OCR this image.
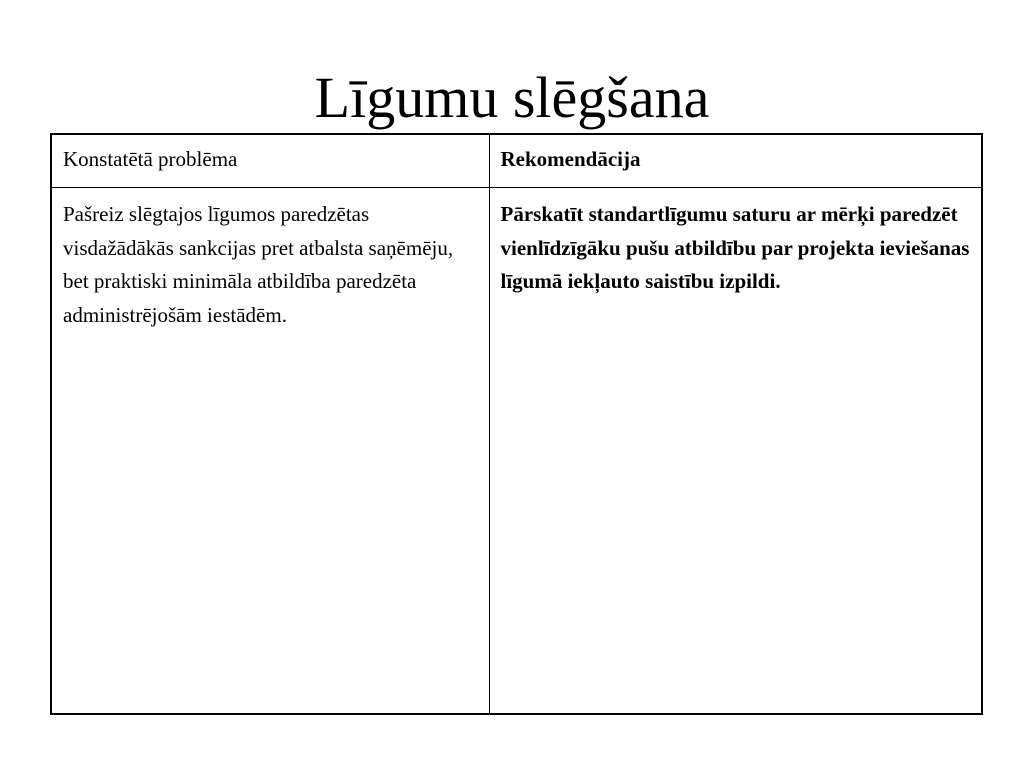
Līgumu slēgšana
Konstatētā problēma	Rekomendācija
Pašreiz slēgtajos līgumos paredzētas visdažādākās sankcijas pret atbalsta saņēmēju, bet praktiski minimāla atbildība paredzēta administrējošām iestādēm.	Pārskatīt standartlīgumu saturu ar mērķi paredzēt vienlīdzīgāku pušu atbildību par projekta ieviešanas līgumā iekļauto saistību izpildi.
